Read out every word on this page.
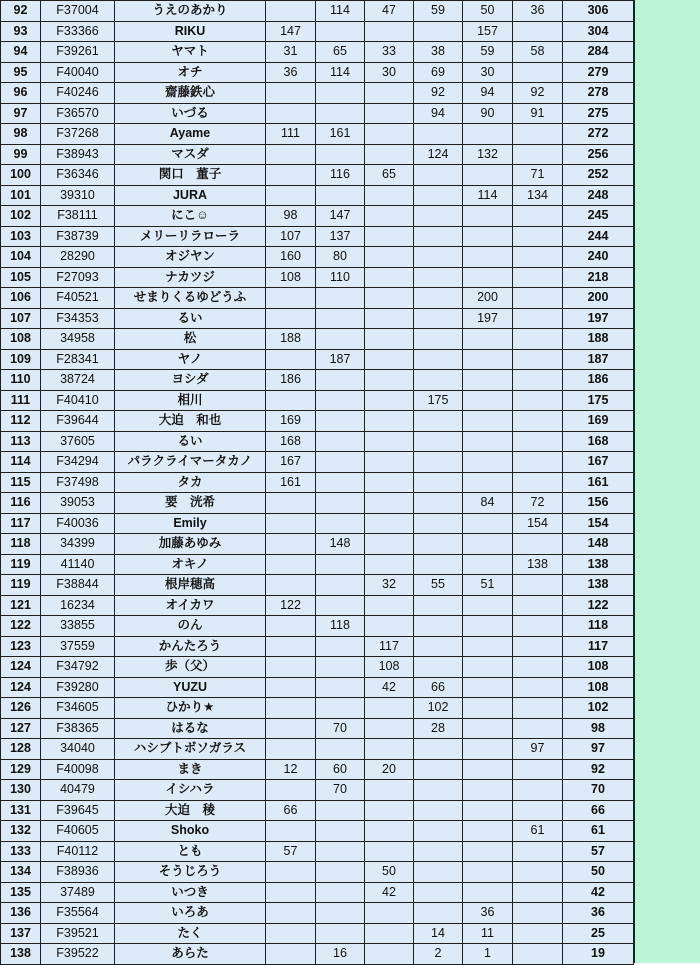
92	F37004	うえのあかり		114	47	59	50	36	306
93	F33366	RIKU	147				157		304
94	F39261	ヤマト	31	65	33	38	59	58	284
95	F40040	オチ	36	114	30	69	30		279
96	F40246	齋藤鉄心				92	94	92	278
97	F36570	いづる				94	90	91	275
98	F37268	Ayame	111	161					272
99	F38943	マスダ				124	132		256
100	F36346	関口　董子		116	65			71	252
101	39310	JURA					114	134	248
102	F38111	にこ☺	98	147					245
103	F38739	メリーリラローラ	107	137					244
104	28290	オジヤン	160	80					240
105	F27093	ナカツジ	108	110					218
106	F40521	せまりくるゆどうふ					200		200
107	F34353	るい					197		197
108	34958	松	188						188
109	F28341	ヤノ		187					187
110	38724	ヨシダ	186						186
111	F40410	相川				175			175
112	F39644	大迫　和也	169						169
113	37605	るい	168						168
114	F34294	パラクライマータカノ	167						167
115	F37498	タカ	161						161
116	39053	要　洸希					84	72	156
117	F40036	Emily						154	154
118	34399	加藤あゆみ		148					148
119	41140	オキノ						138	138
119	F38844	根岸穂高			32	55	51		138
121	16234	オイカワ	122						122
122	33855	のん		118					118
123	37559	かんたろう			117				117
124	F34792	歩（父）			108				108
124	F39280	YUZU			42	66			108
126	F34605	ひかり★				102			102
127	F38365	はるな		70		28			98
128	34040	ハシブトボソガラス						97	97
129	F40098	まき	12	60	20				92
130	40479	イシハラ		70					70
131	F39645	大迫　稜	66						66
132	F40605	Shoko						61	61
133	F40112	とも	57						57
134	F38936	そうじろう			50				50
135	37489	いつき			42				42
136	F35564	いろあ					36		36
137	F39521	たく				14	11		25
138	F39522	あらた		16		2	1		19
